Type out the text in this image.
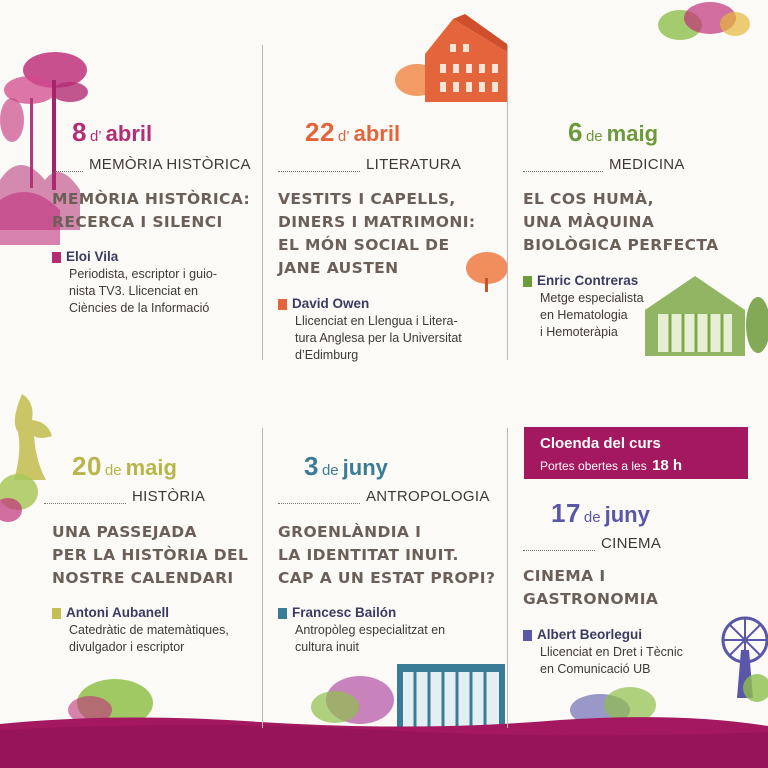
8 d’ abril
MEMÒRIA HISTÒRICA
MEMÒRIA HISTÒRICA:
RECERCA I SILENCI
Eloi Vila
Periodista, escriptor i guio-
nista TV3. Llicenciat en
Ciències de la Informació
22 d’ abril
LITERATURA
VESTITS I CAPELLS,
DINERS I MATRIMONI:
EL MÓN SOCIAL DE
JANE AUSTEN
David Owen
Llicenciat en Llengua i Litera-
tura Anglesa per la Universitat
d’Edimburg
6 de maig
MEDICINA
EL COS HUMÀ,
UNA MÀQUINA
BIOLÒGICA PERFECTA
Enric Contreras
Metge especialista
en Hematologia
i Hemoteràpia
20 de maig
HISTÒRIA
UNA PASSEJADA
PER LA HISTÒRIA DEL
NOSTRE CALENDARI
Antoni Aubanell
Catedràtic de matemàtiques,
divulgador i escriptor
3 de juny
ANTROPOLOGIA
GROENLÀNDIA I
LA IDENTITAT INUIT.
CAP A UN ESTAT PROPI?
Francesc Bailón
Antropòleg especialitzat en
cultura inuit
Cloenda del curs
Portes obertes a les 18 h
17 de juny
CINEMA
CINEMA I
GASTRONOMIA
Albert Beorlegui
Llicenciat en Dret i Tècnic
en Comunicació UB
